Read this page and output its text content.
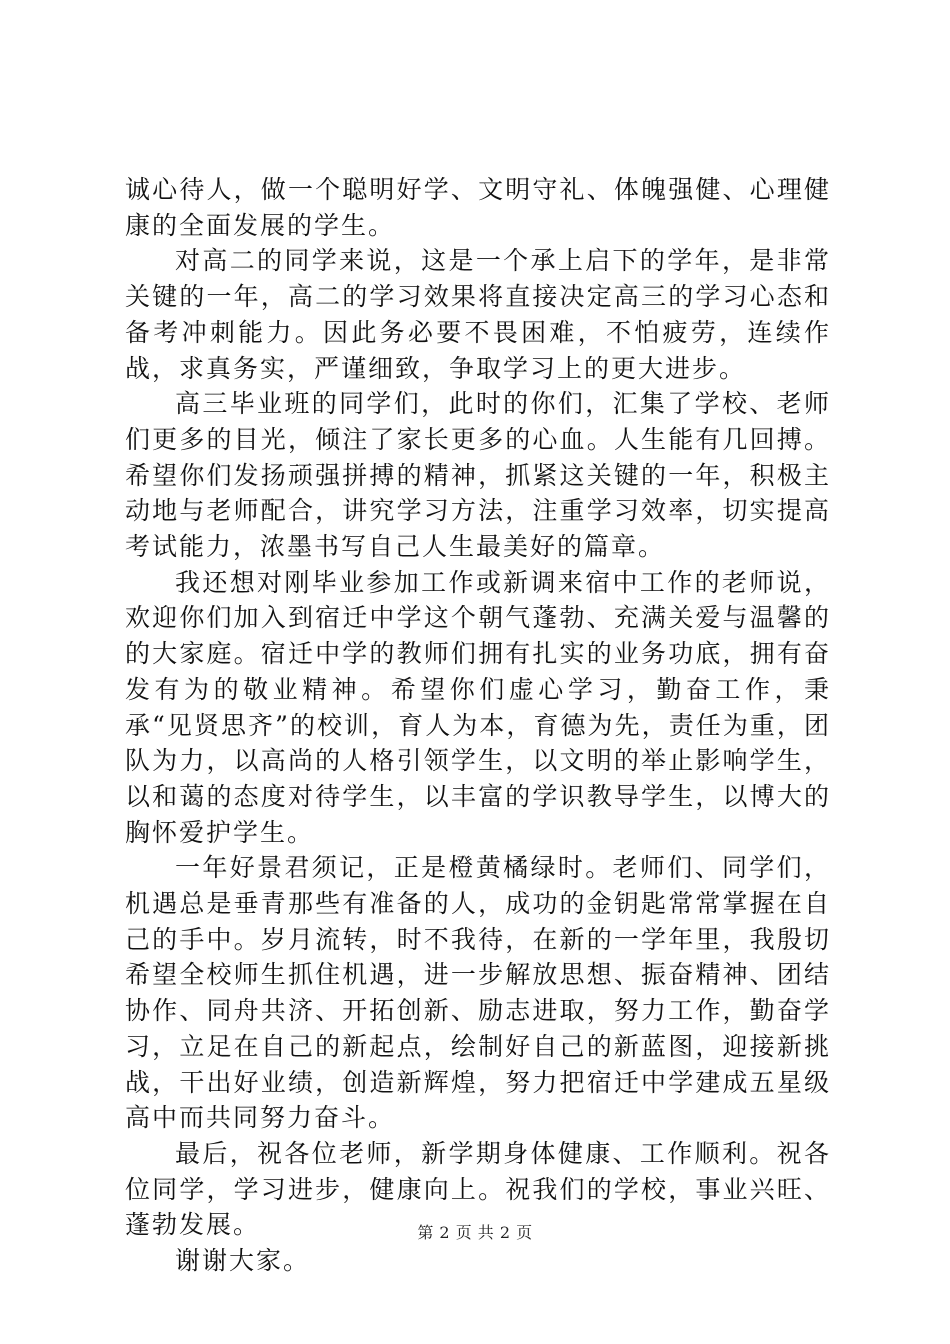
诚心待人，做一个聪明好学、文明守礼、体魄强健、心理健康的全面发展的学生。

对高二的同学来说，这是一个承上启下的学年，是非常关键的一年，高二的学习效果将直接决定高三的学习心态和备考冲刺能力。因此务必要不畏困难，不怕疲劳，连续作战，求真务实，严谨细致，争取学习上的更大进步。

高三毕业班的同学们，此时的你们，汇集了学校、老师们更多的目光，倾注了家长更多的心血。人生能有几回搏。希望你们发扬顽强拼搏的精神，抓紧这关键的一年，积极主动地与老师配合，讲究学习方法，注重学习效率，切实提高考试能力，浓墨书写自己人生最美好的篇章。

我还想对刚毕业参加工作或新调来宿中工作的老师说，欢迎你们加入到宿迁中学这个朝气蓬勃、充满关爱与温馨的的大家庭。宿迁中学的教师们拥有扎实的业务功底，拥有奋发有为的敬业精神。希望你们虚心学习，勤奋工作，秉承“见贤思齐”的校训，育人为本，育德为先，责任为重，团队为力，以高尚的人格引领学生，以文明的举止影响学生，以和蔼的态度对待学生，以丰富的学识教导学生，以博大的胸怀爱护学生。

一年好景君须记，正是橙黄橘绿时。老师们、同学们，机遇总是垂青那些有准备的人，成功的金钥匙常常掌握在自己的手中。岁月流转，时不我待，在新的一学年里，我殷切希望全校师生抓住机遇，进一步解放思想、振奋精神、团结协作、同舟共济、开拓创新、励志进取，努力工作，勤奋学习，立足在自己的新起点，绘制好自己的新蓝图，迎接新挑战，干出好业绩，创造新辉煌，努力把宿迁中学建成五星级高中而共同努力奋斗。

最后，祝各位老师，新学期身体健康、工作顺利。祝各位同学，学习进步，健康向上。祝我们的学校，事业兴旺、蓬勃发展。

谢谢大家。

第 2 页 共 2 页
